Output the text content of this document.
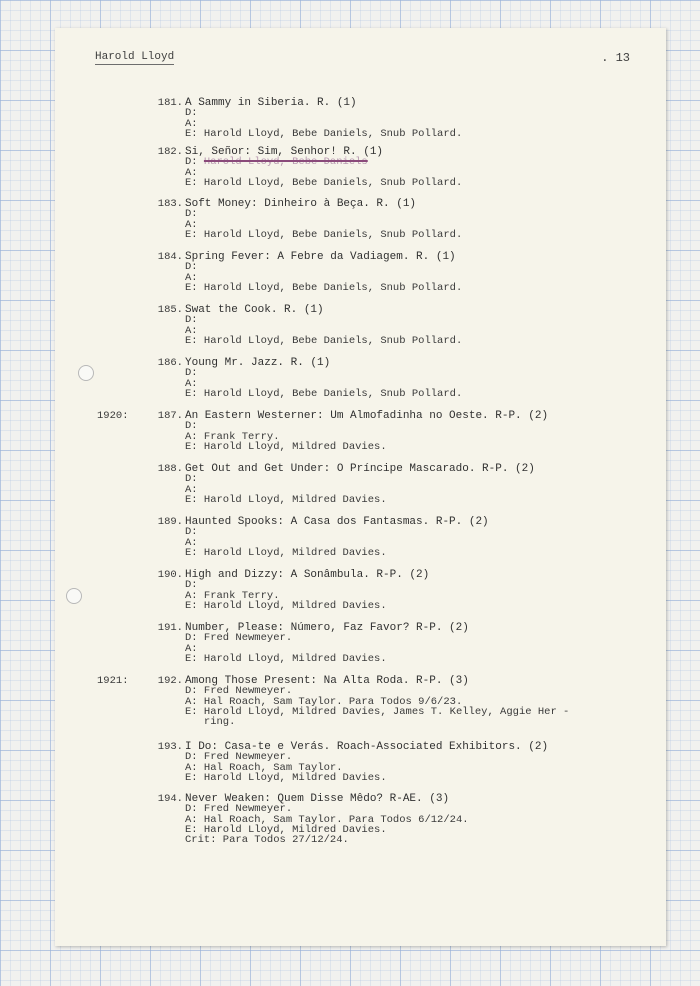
Harold Lloyd	. 13
181. A Sammy in Siberia. R. (1)
D:
A:
E: Harold Lloyd, Bebe Daniels, Snub Pollard.
182. Si, Señor: Sim, Senhor! R. (1)
D: Harold Lloyd, Bebe Daniels
A:
E: Harold Lloyd, Bebe Daniels, Snub Pollard.
183. Soft Money: Dinheiro à Beça. R. (1)
D:
A:
E: Harold Lloyd, Bebe Daniels, Snub Pollard.
184. Spring Fever: A Febre da Vadiagem. R. (1)
D:
A:
E: Harold Lloyd, Bebe Daniels, Snub Pollard.
185. Swat the Cook. R. (1)
D:
A:
E: Harold Lloyd, Bebe Daniels, Snub Pollard.
186. Young Mr. Jazz. R. (1)
D:
A:
E: Harold Lloyd, Bebe Daniels, Snub Pollard.
1920:	187. An Eastern Westerner: Um Almofadinha no Oeste. R-P. (2)
D:
A: Frank Terry.
E: Harold Lloyd, Mildred Davies.
188. Get Out and Get Under: O Príncipe Mascarado. R-P. (2)
D:
A:
E: Harold Lloyd, Mildred Davies.
189. Haunted Spooks: A Casa dos Fantasmas. R-P. (2)
D:
A:
E: Harold Lloyd, Mildred Davies.
190. High and Dizzy: A Sonâmbula. R-P. (2)
D:
A: Frank Terry.
E: Harold Lloyd, Mildred Davies.
191. Number, Please: Número, Faz Favor? R-P. (2)
D: Fred Newmeyer.
A:
E: Harold Lloyd, Mildred Davies.
1921:	192. Among Those Present: Na Alta Roda. R-P. (3)
D: Fred Newmeyer.
A: Hal Roach, Sam Taylor. Para Todos 9/6/23.
E: Harold Lloyd, Mildred Davies, James T. Kelley, Aggie Her -
ring.
193. I Do: Casa-te e Verás. Roach-Associated Exhibitors. (2)
D: Fred Newmeyer.
A: Hal Roach, Sam Taylor.
E: Harold Lloyd, Mildred Davies.
194. Never Weaken: Quem Disse Mêdo? R-AE. (3)
D: Fred Newmeyer.
A: Hal Roach, Sam Taylor. Para Todos 6/12/24.
E: Harold Lloyd, Mildred Davies.
Crit: Para Todos 27/12/24.
